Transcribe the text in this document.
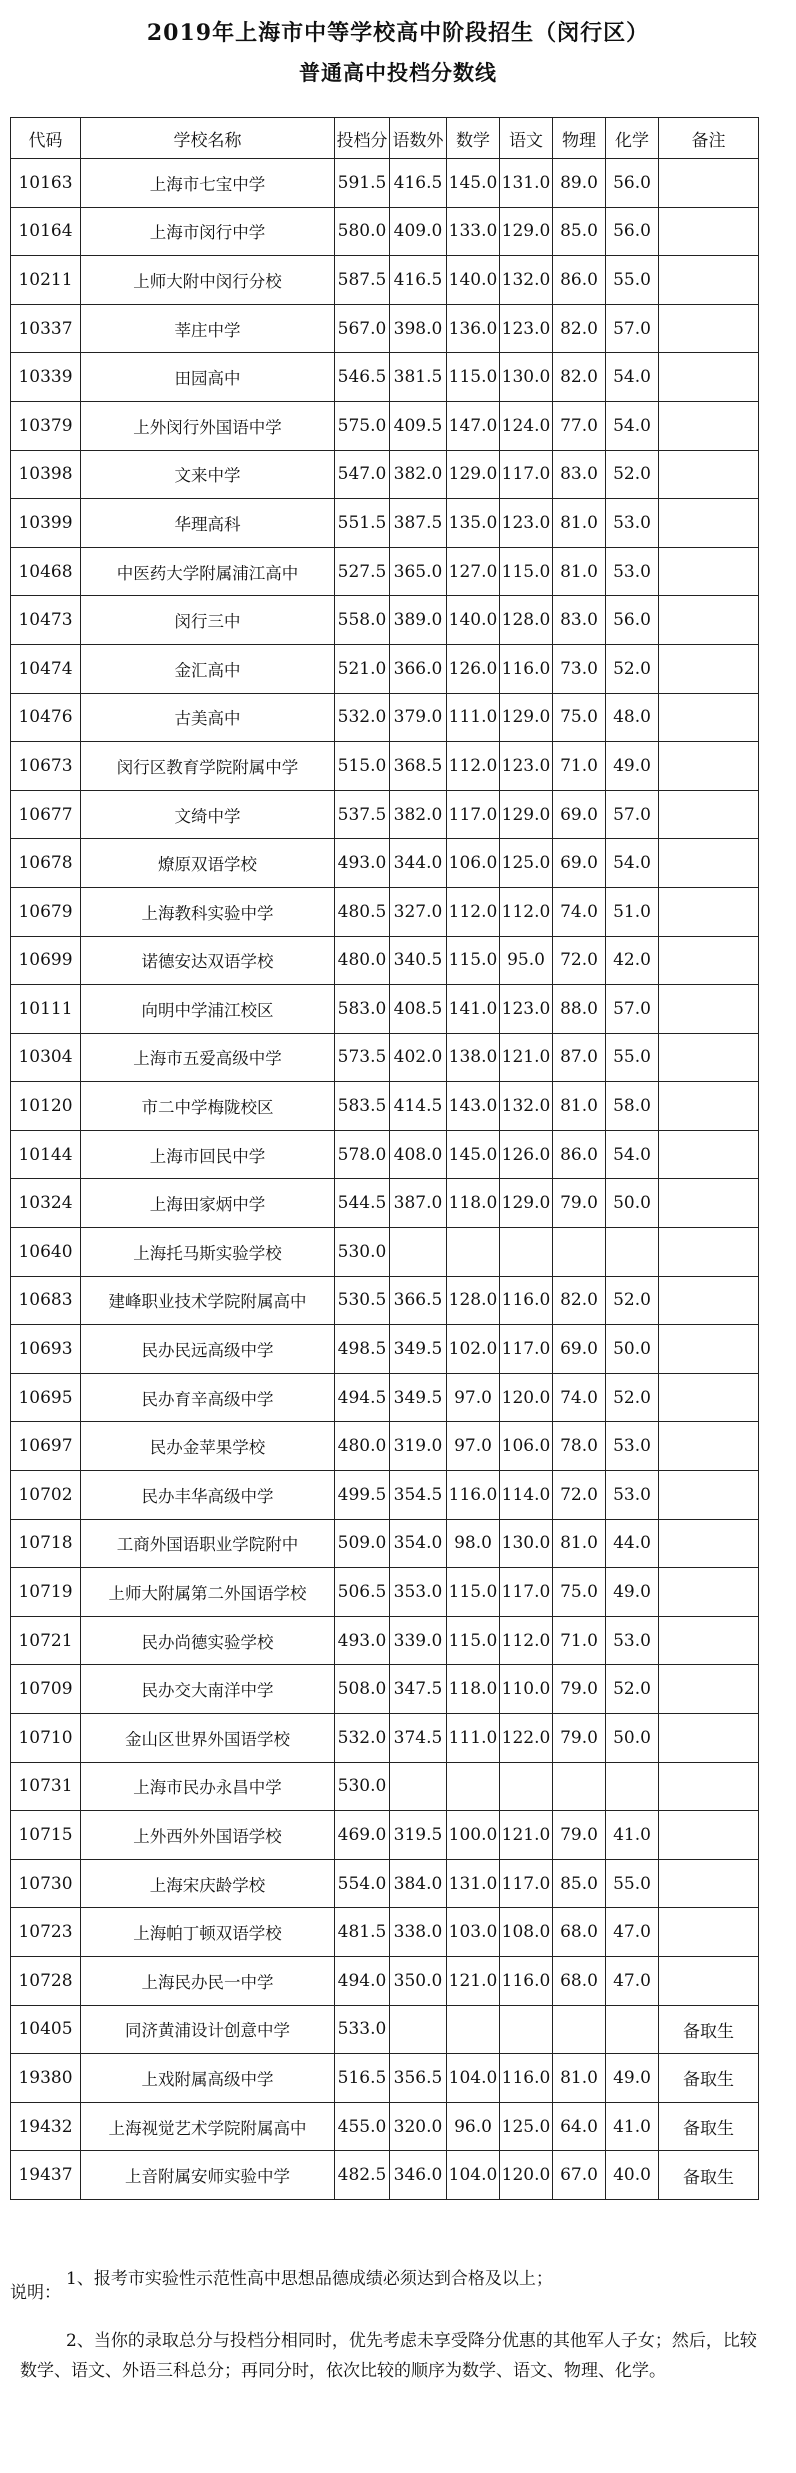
2019年上海市中等学校高中阶段招生（闵行区）
普通高中投档分数线
代码	学校名称	投档分	语数外	数学	语文	物理	化学	备注
10163	上海市七宝中学	591.5	416.5	145.0	131.0	89.0	56.0	
10164	上海市闵行中学	580.0	409.0	133.0	129.0	85.0	56.0	
10211	上师大附中闵行分校	587.5	416.5	140.0	132.0	86.0	55.0	
10337	莘庄中学	567.0	398.0	136.0	123.0	82.0	57.0	
10339	田园高中	546.5	381.5	115.0	130.0	82.0	54.0	
10379	上外闵行外国语中学	575.0	409.5	147.0	124.0	77.0	54.0	
10398	文来中学	547.0	382.0	129.0	117.0	83.0	52.0	
10399	华理高科	551.5	387.5	135.0	123.0	81.0	53.0	
10468	中医药大学附属浦江高中	527.5	365.0	127.0	115.0	81.0	53.0	
10473	闵行三中	558.0	389.0	140.0	128.0	83.0	56.0	
10474	金汇高中	521.0	366.0	126.0	116.0	73.0	52.0	
10476	古美高中	532.0	379.0	111.0	129.0	75.0	48.0	
10673	闵行区教育学院附属中学	515.0	368.5	112.0	123.0	71.0	49.0	
10677	文绮中学	537.5	382.0	117.0	129.0	69.0	57.0	
10678	燎原双语学校	493.0	344.0	106.0	125.0	69.0	54.0	
10679	上海教科实验中学	480.5	327.0	112.0	112.0	74.0	51.0	
10699	诺德安达双语学校	480.0	340.5	115.0	95.0	72.0	42.0	
10111	向明中学浦江校区	583.0	408.5	141.0	123.0	88.0	57.0	
10304	上海市五爱高级中学	573.5	402.0	138.0	121.0	87.0	55.0	
10120	市二中学梅陇校区	583.5	414.5	143.0	132.0	81.0	58.0	
10144	上海市回民中学	578.0	408.0	145.0	126.0	86.0	54.0	
10324	上海田家炳中学	544.5	387.0	118.0	129.0	79.0	50.0	
10640	上海托马斯实验学校	530.0						
10683	建峰职业技术学院附属高中	530.5	366.5	128.0	116.0	82.0	52.0	
10693	民办民远高级中学	498.5	349.5	102.0	117.0	69.0	50.0	
10695	民办育辛高级中学	494.5	349.5	97.0	120.0	74.0	52.0	
10697	民办金苹果学校	480.0	319.0	97.0	106.0	78.0	53.0	
10702	民办丰华高级中学	499.5	354.5	116.0	114.0	72.0	53.0	
10718	工商外国语职业学院附中	509.0	354.0	98.0	130.0	81.0	44.0	
10719	上师大附属第二外国语学校	506.5	353.0	115.0	117.0	75.0	49.0	
10721	民办尚德实验学校	493.0	339.0	115.0	112.0	71.0	53.0	
10709	民办交大南洋中学	508.0	347.5	118.0	110.0	79.0	52.0	
10710	金山区世界外国语学校	532.0	374.5	111.0	122.0	79.0	50.0	
10731	上海市民办永昌中学	530.0						
10715	上外西外外国语学校	469.0	319.5	100.0	121.0	79.0	41.0	
10730	上海宋庆龄学校	554.0	384.0	131.0	117.0	85.0	55.0	
10723	上海帕丁顿双语学校	481.5	338.0	103.0	108.0	68.0	47.0	
10728	上海民办民一中学	494.0	350.0	121.0	116.0	68.0	47.0	
10405	同济黄浦设计创意中学	533.0						备取生
19380	上戏附属高级中学	516.5	356.5	104.0	116.0	81.0	49.0	备取生
19432	上海视觉艺术学院附属高中	455.0	320.0	96.0	125.0	64.0	41.0	备取生
19437	上音附属安师实验中学	482.5	346.0	104.0	120.0	67.0	40.0	备取生
说明：
1、报考市实验性示范性高中思想品德成绩必须达到合格及以上；
2、当你的录取总分与投档分相同时，优先考虑未享受降分优惠的其他军人子女；然后，比较数学、语文、外语三科总分；再同分时，依次比较的顺序为数学、语文、物理、化学。
